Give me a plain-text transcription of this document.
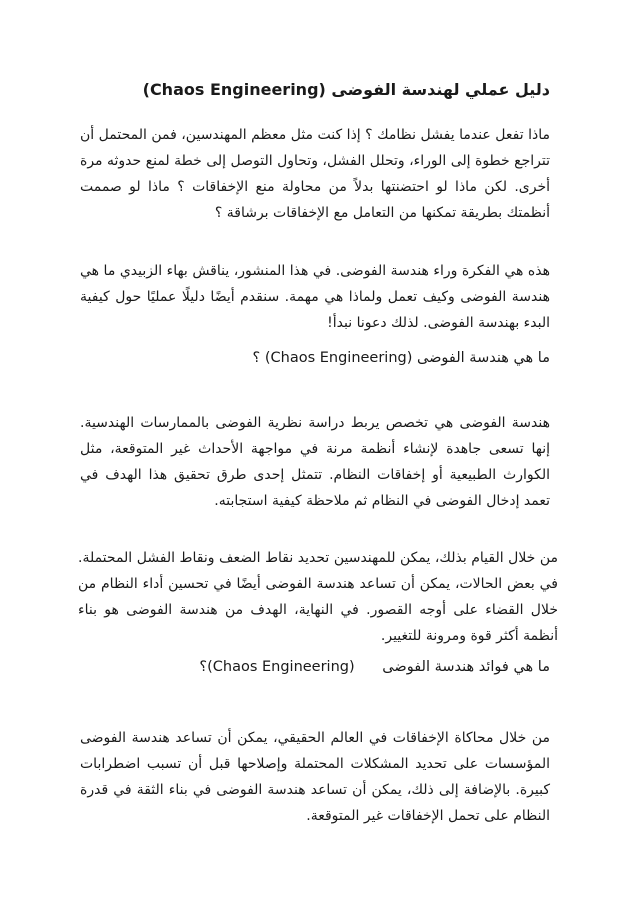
دليل عملي لهندسة الفوضى (Chaos Engineering)

ماذا تفعل عندما يفشل نظامك ؟ إذا كنت مثل معظم المهندسين، فمن المحتمل أن تتراجع خطوة إلى الوراء، وتحلل الفشل، وتحاول التوصل إلى خطة لمنع حدوثه مرة أخرى. لكن ماذا لو احتضنتها بدلاً من محاولة منع الإخفاقات ؟ ماذا لو صممت أنظمتك بطريقة تمكنها من التعامل مع الإخفاقات برشاقة ؟

هذه هي الفكرة وراء هندسة الفوضى. في هذا المنشور، يناقش بهاء الزبيدي ما هي هندسة الفوضى وكيف تعمل ولماذا هي مهمة. سنقدم أيضًا دليلًا عمليًا حول كيفية البدء بهندسة الفوضى. لذلك دعونا نبدأ!

ما هي هندسة الفوضى (Chaos Engineering) ؟

هندسة الفوضى هي تخصص يربط دراسة نظرية الفوضى بالممارسات الهندسية. إنها تسعى جاهدة لإنشاء أنظمة مرنة في مواجهة الأحداث غير المتوقعة، مثل الكوارث الطبيعية أو إخفاقات النظام. تتمثل إحدى طرق تحقيق هذا الهدف في تعمد إدخال الفوضى في النظام ثم ملاحظة كيفية استجابته.

من خلال القيام بذلك، يمكن للمهندسين تحديد نقاط الضعف ونقاط الفشل المحتملة. في بعض الحالات، يمكن أن تساعد هندسة الفوضى أيضًا في تحسين أداء النظام من خلال القضاء على أوجه القصور. في النهاية، الهدف من هندسة الفوضى هو بناء أنظمة أكثر قوة ومرونة للتغيير.

ما هي فوائد هندسة الفوضى      (Chaos Engineering)؟

من خلال محاكاة الإخفاقات في العالم الحقيقي، يمكن أن تساعد هندسة الفوضى المؤسسات على تحديد المشكلات المحتملة وإصلاحها قبل أن تسبب اضطرابات كبيرة. بالإضافة إلى ذلك، يمكن أن تساعد هندسة الفوضى في بناء الثقة في قدرة النظام على تحمل الإخفاقات غير المتوقعة.
